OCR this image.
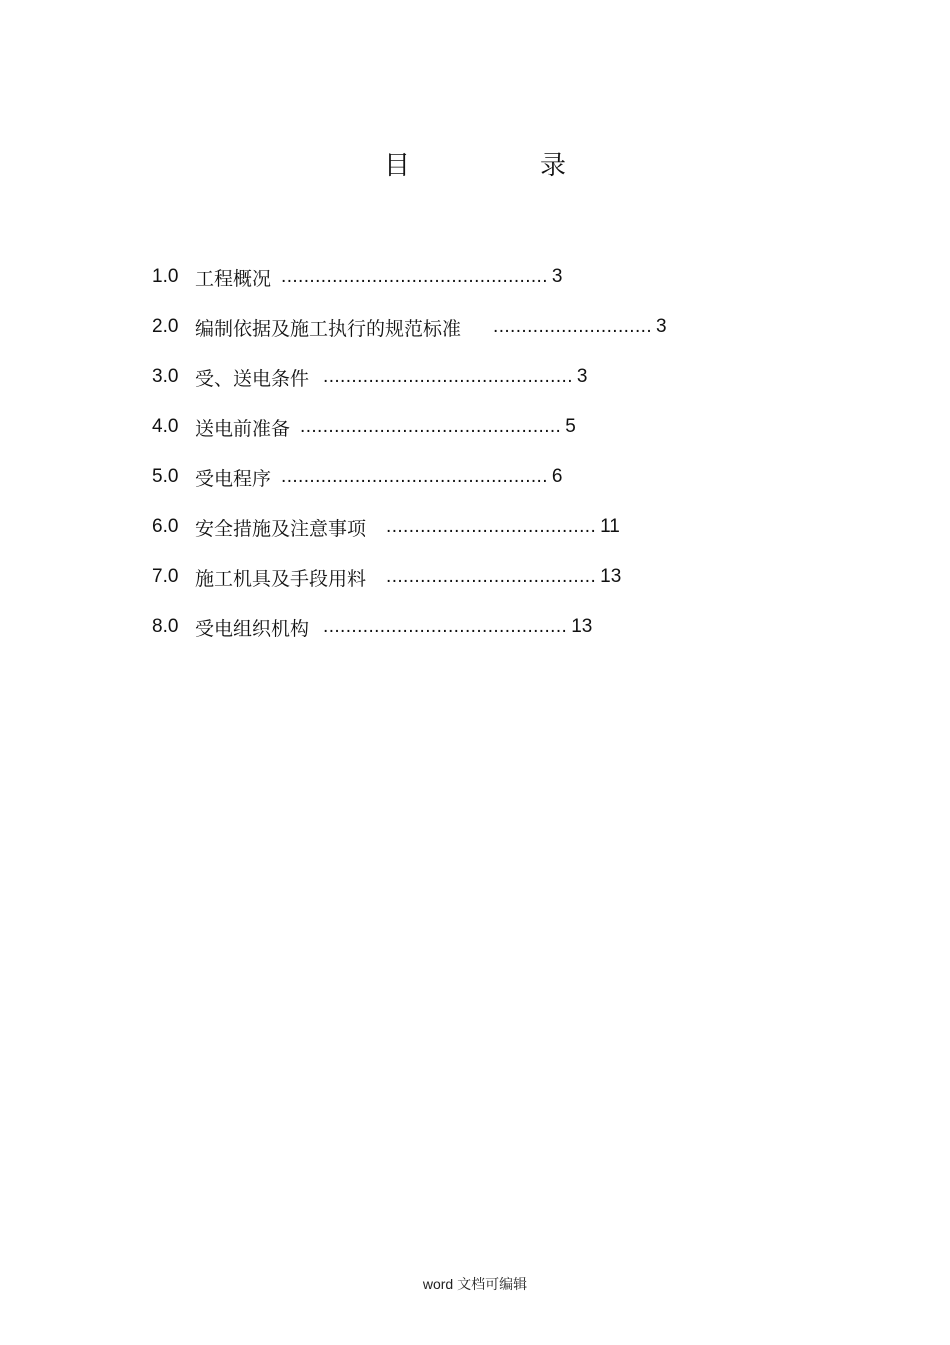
目　录
1.0 工程概况 ............................................... 3
2.0 编制依据及施工执行的规范标准 ............................ 3
3.0 受、送电条件 ............................................ 3
4.0 送电前准备 .............................................. 5
5.0 受电程序 ............................................... 6
6.0 安全措施及注意事项 ..................................... 11
7.0 施工机具及手段用料 ..................................... 13
8.0 受电组织机构 ........................................... 13
word 文档可编辑
